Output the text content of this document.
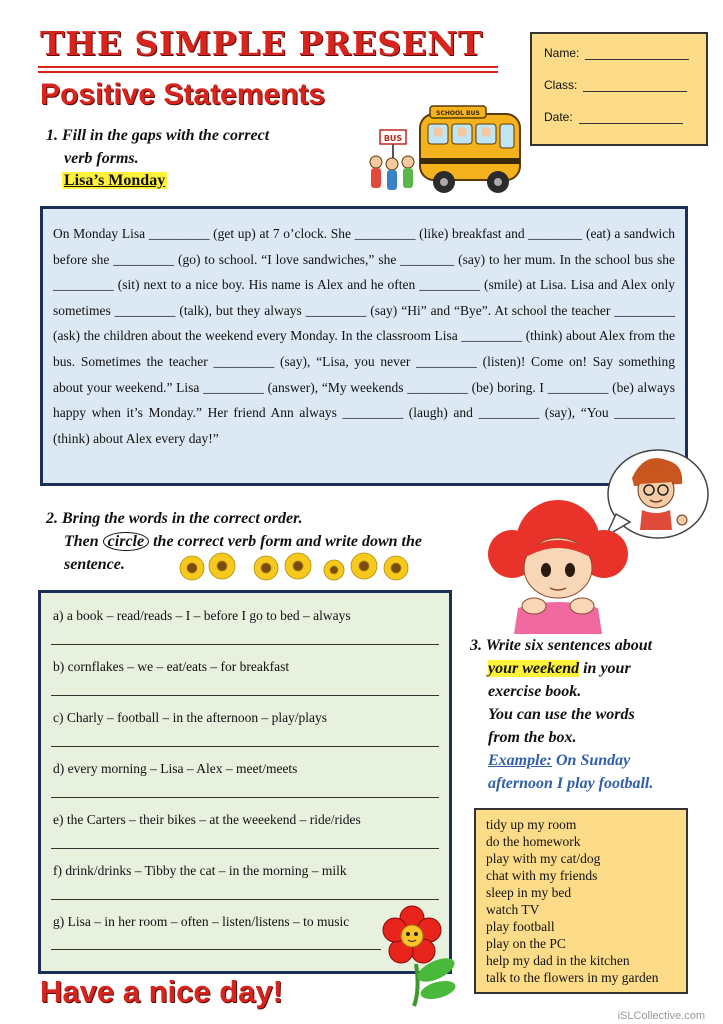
THE SIMPLE PRESENT
Positive Statements
Name:
Class:
Date:
1. Fill in the gaps with the correct
verb forms.
Lisa’s Monday
BUS
SCHOOL BUS
On Monday Lisa _________ (get up) at 7 o’clock. She _________ (like) breakfast and ________ (eat) a sandwich before she _________ (go) to school. “I love sandwiches,” she ________ (say) to her mum. In the school bus she _________ (sit) next to a nice boy. His name is Alex and he often _________ (smile) at Lisa. Lisa and Alex only sometimes _________ (talk), but they always _________ (say) “Hi” and “Bye”. At school the teacher _________ (ask) the children about the weekend every Monday. In the classroom Lisa _________ (think) about Alex from the bus. Sometimes the teacher _________ (say), “Lisa, you never _________ (listen)! Come on! Say something about your weekend.” Lisa _________ (answer), “My weekends _________ (be) boring. I _________ (be) always happy when it’s Monday.” Her friend Ann always _________ (laugh) and _________ (say), “You _________ (think) about Alex every day!”
2. Bring the words in the correct order.
Then circle the correct verb form and write down the
sentence.
a) a book – read/reads – I – before I go to bed – always
b) cornflakes – we – eat/eats – for breakfast
c) Charly – football – in the afternoon – play/plays
d) every morning – Lisa – Alex – meet/meets
e) the Carters – their bikes – at the weeekend – ride/rides
f) drink/drinks – Tibby the cat – in the morning – milk
g) Lisa – in her room – often – listen/listens – to music
3. Write six sentences about
your weekend in your
exercise book.
You can use the words
from the box.
Example: On Sunday
afternoon I play football.
tidy up my room
do the homework
play with my cat/dog
chat with my friends
sleep in my bed
watch TV
play football
play on the PC
help my dad in the kitchen
talk to the flowers in my garden
Have a nice day!
iSLCollective.com
